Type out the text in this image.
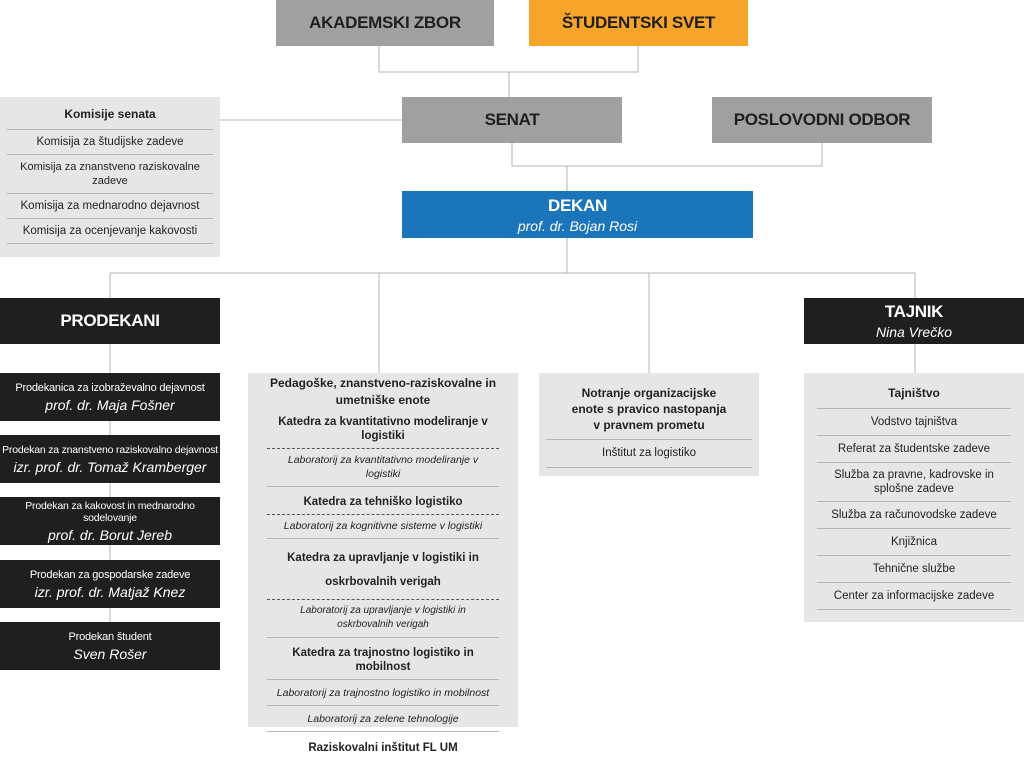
AKADEMSKI ZBOR	ŠTUDENTSKI SVET
SENAT	POSLOVODNI ODBOR
Komisije senata
Komisija za študijske zadeve
Komisija za znanstveno raziskovalne zadeve
Komisija za mednarodno dejavnost
Komisija za ocenjevanje kakovosti
DEKAN
prof. dr. Bojan Rosi
PRODEKANI
Prodekanica za izobraževalno dejavnost
prof. dr. Maja Fošner
Prodekan za znanstveno raziskovalno dejavnost
izr. prof. dr. Tomaž Kramberger
Prodekan za kakovost in mednarodno sodelovanje
prof. dr. Borut Jereb
Prodekan za gospodarske zadeve
izr. prof. dr. Matjaž Knez
Prodekan študent
Sven Rošer
Pedagoške, znanstveno-raziskovalne in umetniške enote
Katedra za kvantitativno modeliranje v logistiki
Laboratorij za kvantitativno modeliranje v logistiki
Katedra za tehniško logistiko
Laboratorij za kognitivne sisteme v logistiki
Katedra za upravljanje v logistiki in oskrbovalnih verigah
Laboratorij za upravljanje v logistiki in oskrbovalnih verigah
Katedra za trajnostno logistiko in mobilnost
Laboratorij za trajnostno logistiko in mobilnost
Laboratorij za zelene tehnologije
Raziskovalni inštitut FL UM
Notranje organizacijske enote s pravico nastopanja v pravnem prometu
Inštitut za logistiko
TAJNIK
Nina Vrečko
Tajništvo
Vodstvo tajništva
Referat za študentske zadeve
Služba za pravne, kadrovske in splošne zadeve
Služba za računovodske zadeve
Knjižnica
Tehnične službe
Center za informacijske zadeve
